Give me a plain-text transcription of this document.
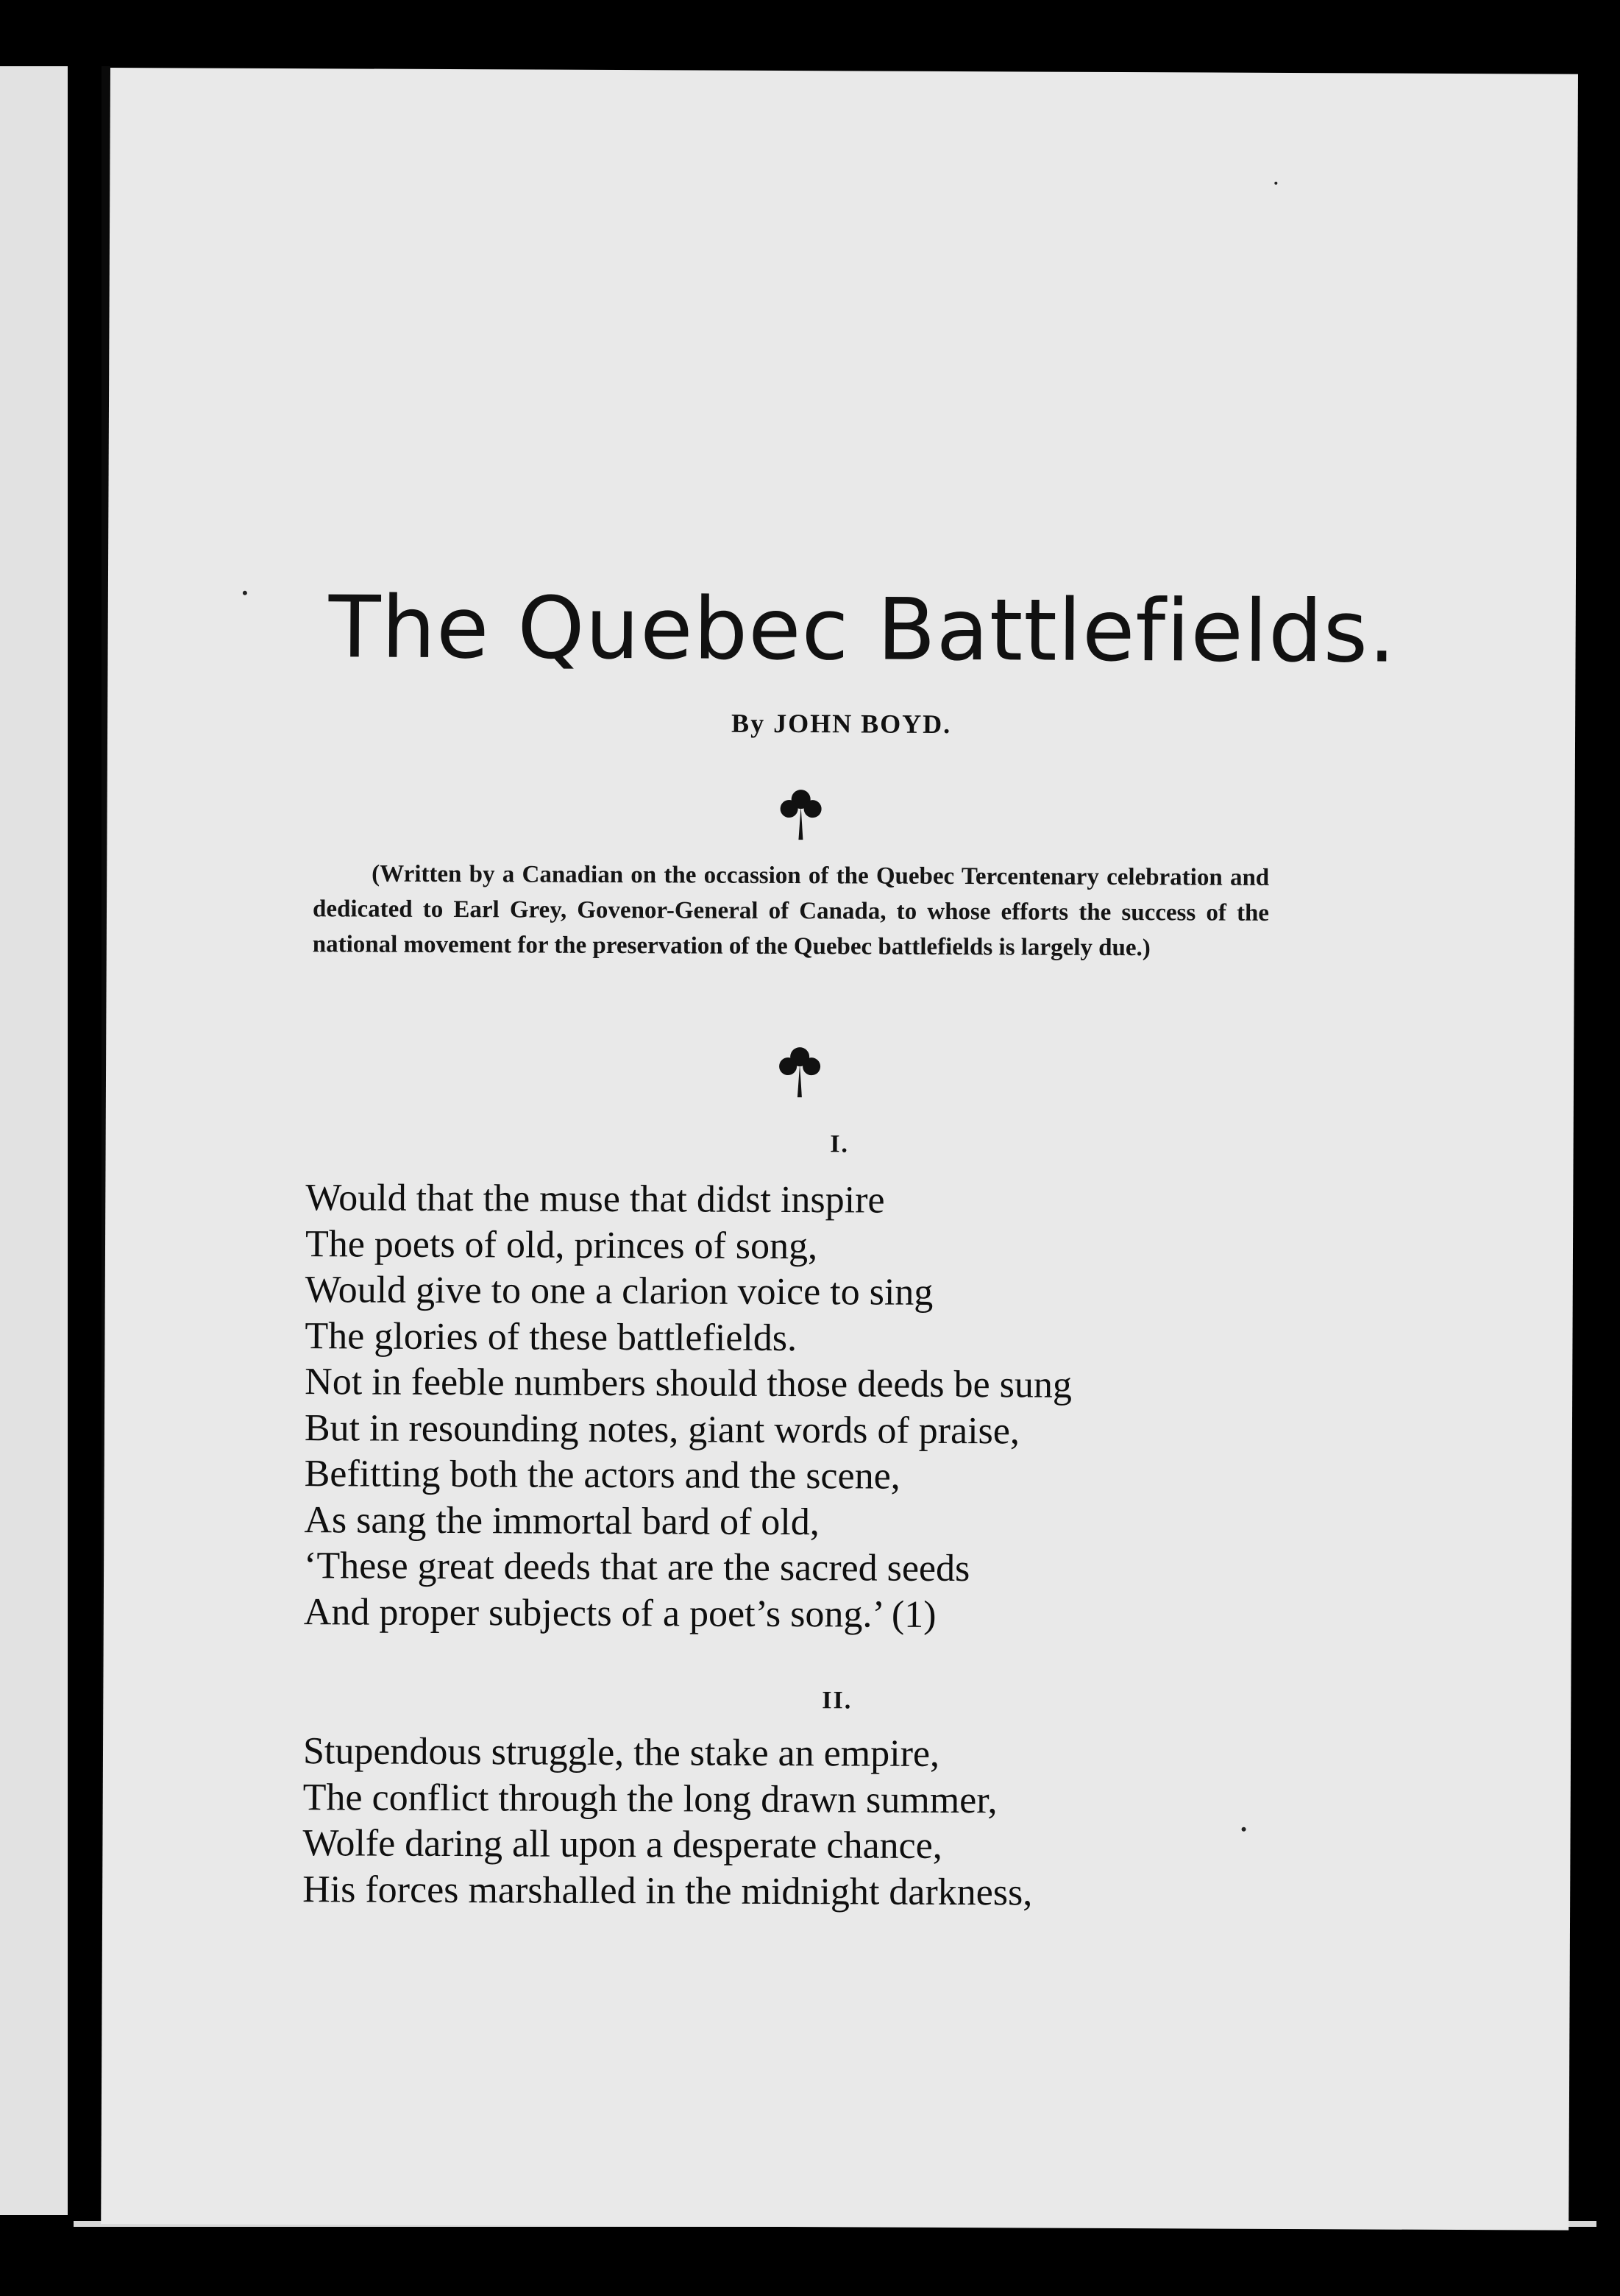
The Quebec Battlefields.
By JOHN BOYD.
(Written by a Canadian on the occassion of the Quebec Tercentenary celebration and dedicated to Earl Grey, Govenor-General of Canada, to whose efforts the success of the national movement for the preservation of the Quebec battlefields is largely due.)
I.
Would that the muse that didst inspire
The poets of old, princes of song,
Would give to one a clarion voice to sing
The glories of these battlefields.
Not in feeble numbers should those deeds be sung
But in resounding notes, giant words of praise,
Befitting both the actors and the scene,
As sang the immortal bard of old,
‘These great deeds that are the sacred seeds
And proper subjects of a poet’s song.’ (1)
II.
Stupendous struggle, the stake an empire,
The conflict through the long drawn summer,
Wolfe daring all upon a desperate chance,
His forces marshalled in the midnight darkness,
